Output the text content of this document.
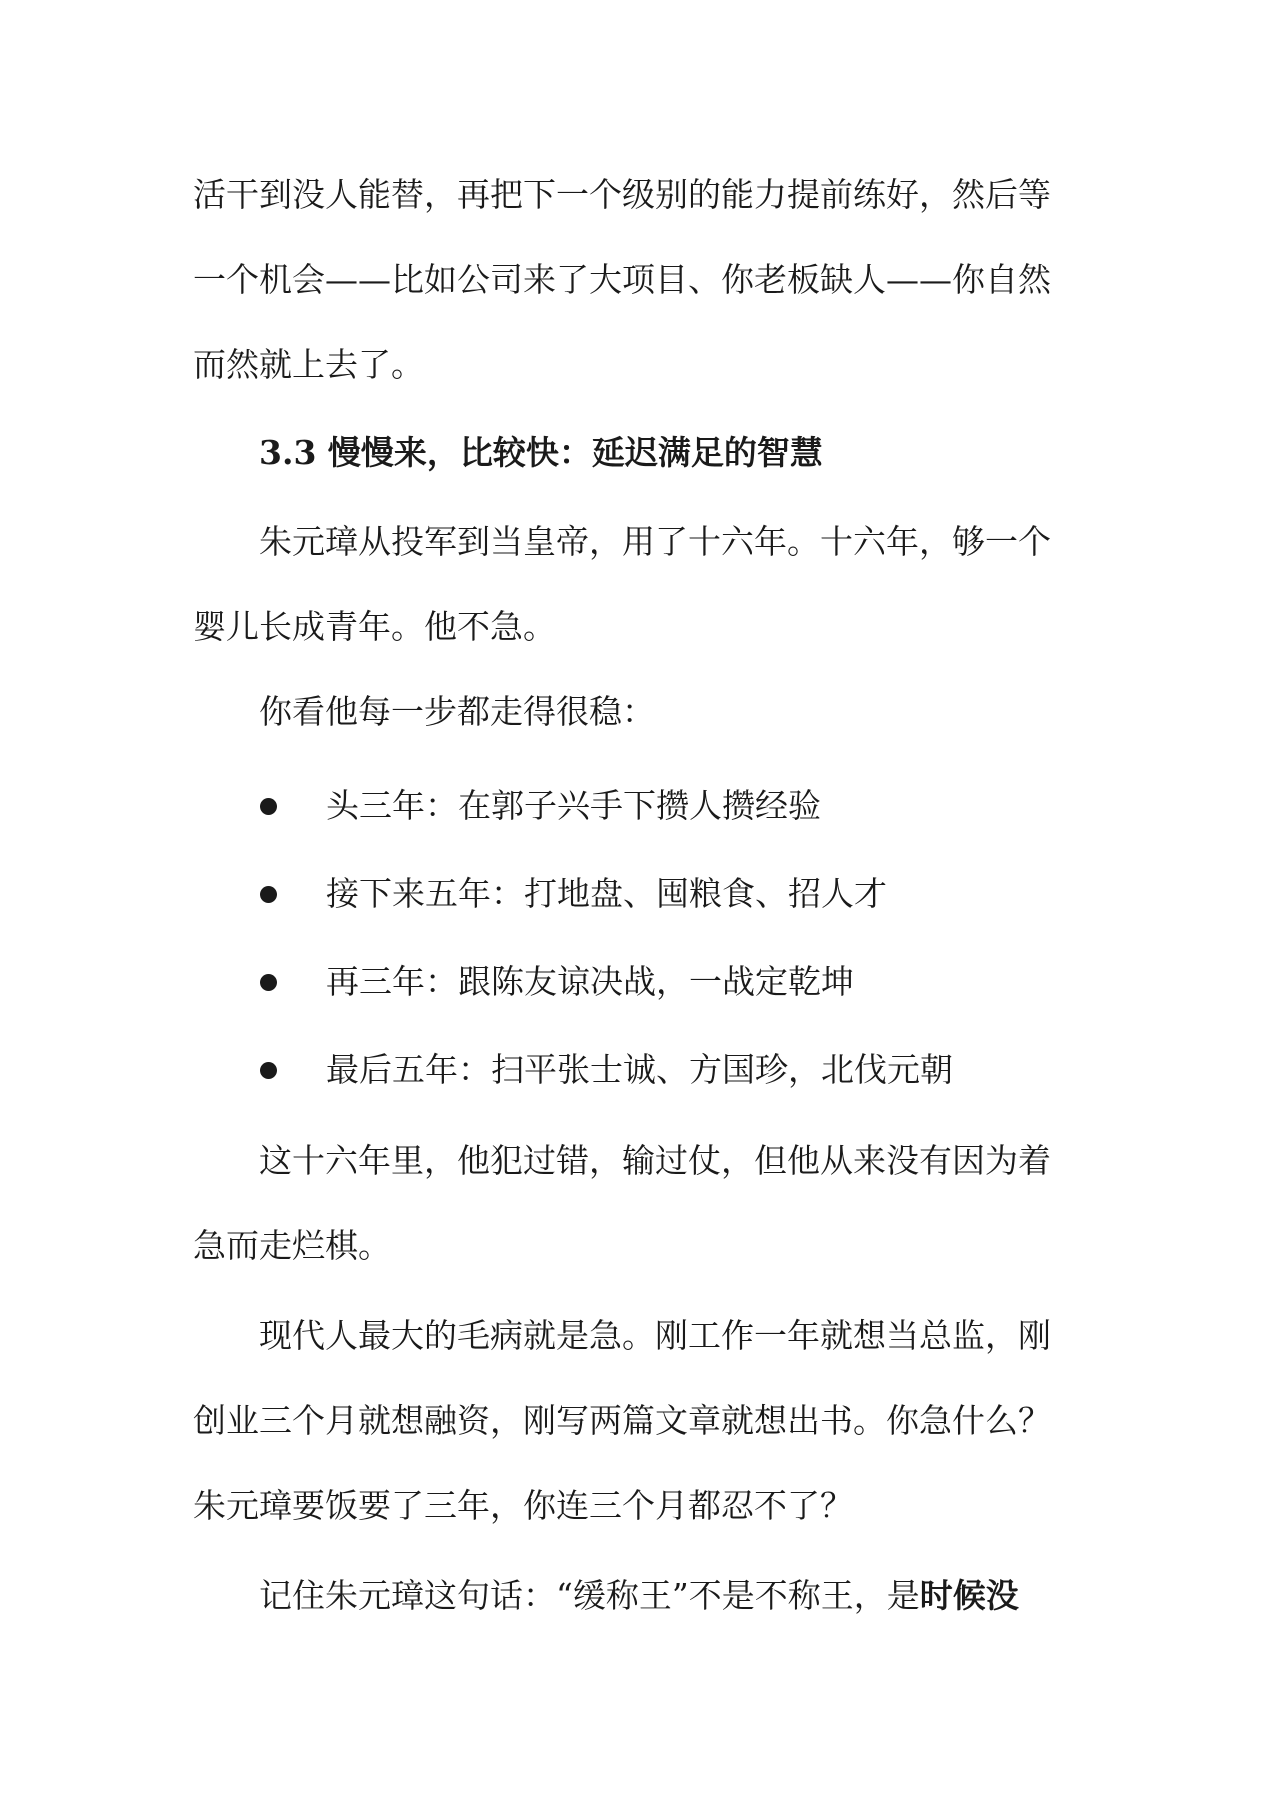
活干到没人能替，再把下一个级别的能力提前练好，然后等

一个机会——比如公司来了大项目、你老板缺人——你自然

而然就上去了。

3.3 慢慢来，比较快：延迟满足的智慧

朱元璋从投军到当皇帝，用了十六年。十六年，够一个

婴儿长成青年。他不急。

你看他每一步都走得很稳：

头三年：在郭子兴手下攒人攒经验
接下来五年：打地盘、囤粮食、招人才
再三年：跟陈友谅决战，一战定乾坤
最后五年：扫平张士诚、方国珍，北伐元朝

这十六年里，他犯过错，输过仗，但他从来没有因为着

急而走烂棋。

现代人最大的毛病就是急。刚工作一年就想当总监，刚

创业三个月就想融资，刚写两篇文章就想出书。你急什么？

朱元璋要饭要了三年，你连三个月都忍不了？

记住朱元璋这句话：“缓称王”不是不称王，是时候没
